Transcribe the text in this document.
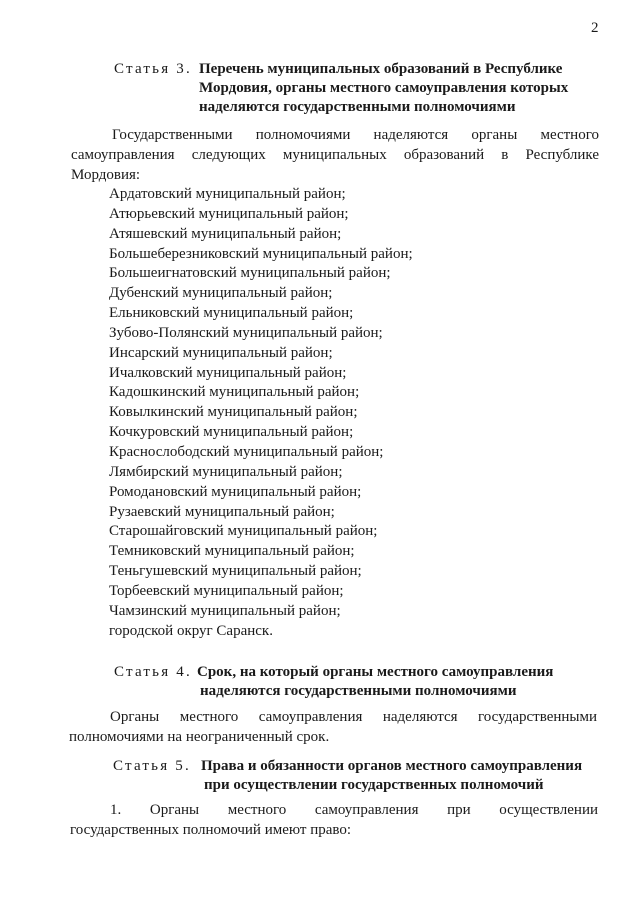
2
Статья 3. Перечень муниципальных образований в Республике
Мордовия, органы местного самоуправления которых
наделяются государственными полномочиями
Государственными полномочиями наделяются органы местного
самоуправления следующих муниципальных образований в Республике
Мордовия:
Ардатовский муниципальный район;
Атюрьевский муниципальный район;
Атяшевский муниципальный район;
Большеберезниковский муниципальный район;
Большеигнатовский муниципальный район;
Дубенский муниципальный район;
Ельниковский муниципальный район;
Зубово-Полянский муниципальный район;
Инсарский муниципальный район;
Ичалковский муниципальный район;
Кадошкинский муниципальный район;
Ковылкинский муниципальный район;
Кочкуровский муниципальный район;
Краснослободский муниципальный район;
Лямбирский муниципальный район;
Ромодановский муниципальный район;
Рузаевский муниципальный район;
Старошайговский муниципальный район;
Темниковский муниципальный район;
Теньгушевский муниципальный район;
Торбеевский муниципальный район;
Чамзинский муниципальный район;
городской округ Саранск.
Статья 4. Срок, на который органы местного самоуправления
наделяются государственными полномочиями
Органы местного самоуправления наделяются государственными
полномочиями на неограниченный срок.
Статья 5. Права и обязанности органов местного самоуправления
при осуществлении государственных полномочий
1. Органы местного самоуправления при осуществлении
государственных полномочий имеют право:
